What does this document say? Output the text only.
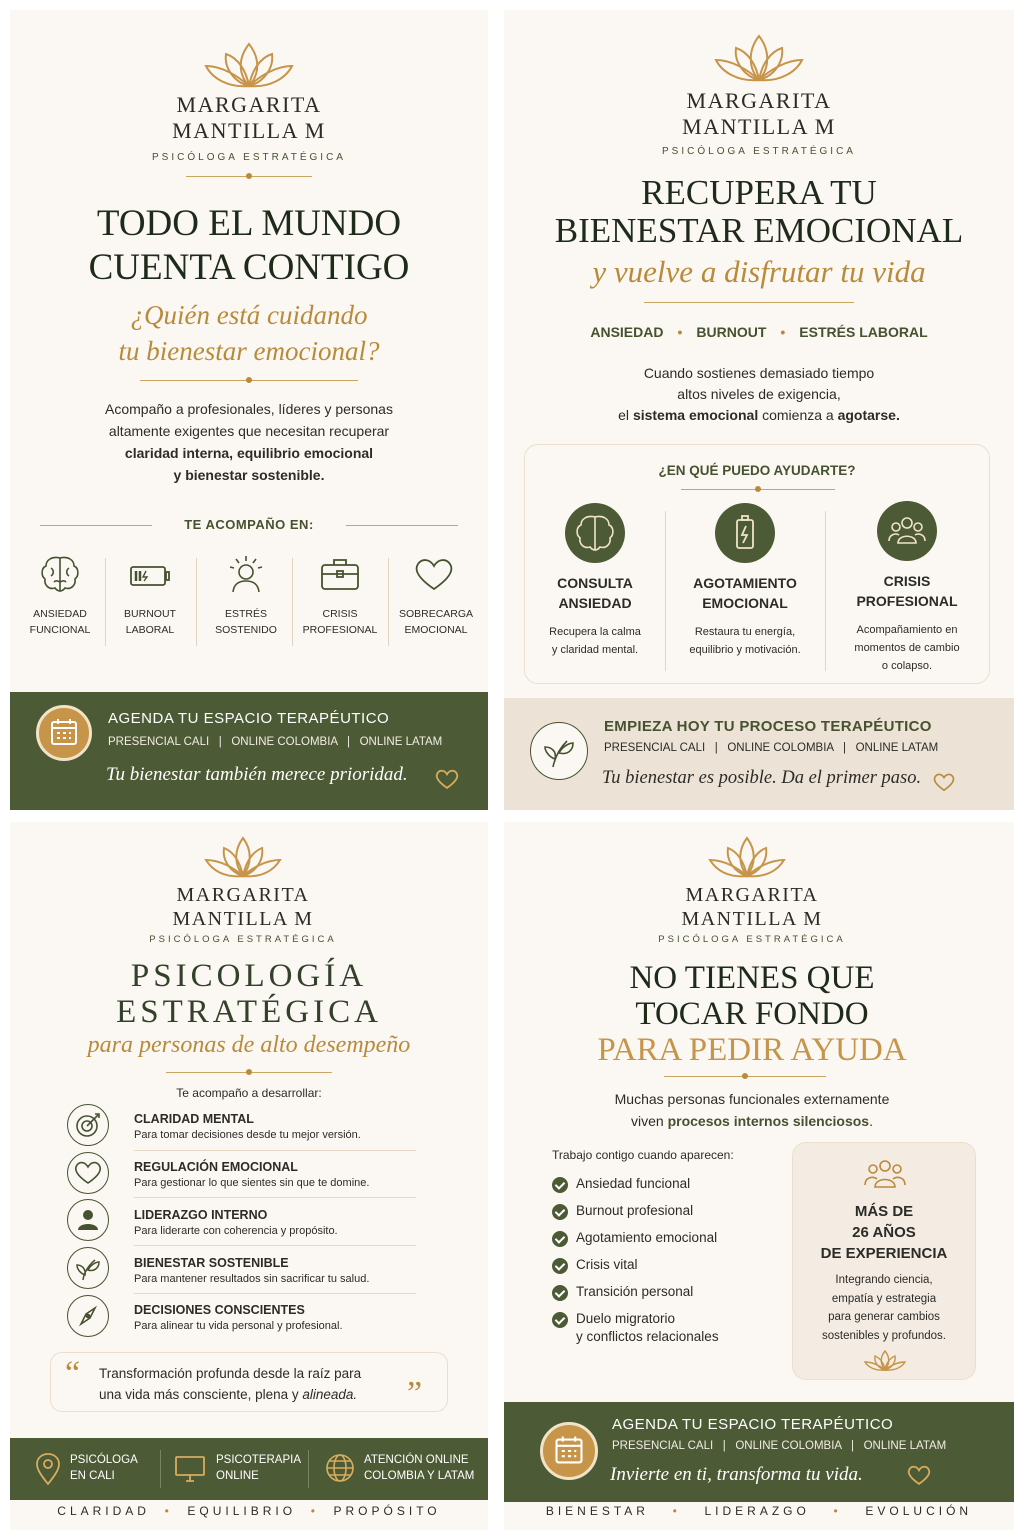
MARGARITA
MANTILLA M
PSICÓLOGA ESTRATÉGICA
TODO EL MUNDO
CUENTA CONTIGO
¿Quién está cuidando
tu bienestar emocional?
Acompaño a profesionales, líderes y personas
altamente exigentes que necesitan recuperar
claridad interna, equilibrio emocional
y bienestar sostenible.
TE ACOMPAÑO EN:
ANSIEDAD
FUNCIONAL
BURNOUT
LABORAL
ESTRÉS
SOSTENIDO
CRISIS
PROFESIONAL
SOBRECARGA
EMOCIONAL
AGENDA TU ESPACIO TERAPÉUTICO
PRESENCIAL CALI   |   ONLINE COLOMBIA   |   ONLINE LATAM
Tu bienestar también merece prioridad.
MARGARITA
MANTILLA M
PSICÓLOGA ESTRATÉGICA
RECUPERA TU
BIENESTAR EMOCIONAL
y vuelve a disfrutar tu vida
ANSIEDAD • BURNOUT • ESTRÉS LABORAL
Cuando sostienes demasiado tiempo
altos niveles de exigencia,
el sistema emocional comienza a agotarse.
¿EN QUÉ PUEDO AYUDARTE?
CONSULTA
ANSIEDAD
AGOTAMIENTO
EMOCIONAL
CRISIS
PROFESIONAL
Recupera la calma
y claridad mental.
Restaura tu energía,
equilibrio y motivación.
Acompañamiento en
momentos de cambio
o colapso.
EMPIEZA HOY TU PROCESO TERAPÉUTICO
PRESENCIAL CALI   |   ONLINE COLOMBIA   |   ONLINE LATAM
Tu bienestar es posible. Da el primer paso.
MARGARITA
MANTILLA M
PSICÓLOGA ESTRATÉGICA
PSICOLOGÍA
ESTRATÉGICA
para personas de alto desempeño
Te acompaño a desarrollar:
CLARIDAD MENTAL
Para tomar decisiones desde tu mejor versión.
REGULACIÓN EMOCIONAL
Para gestionar lo que sientes sin que te domine.
LIDERAZGO INTERNO
Para liderarte con coherencia y propósito.
BIENESTAR SOSTENIBLE
Para mantener resultados sin sacrificar tu salud.
DECISIONES CONSCIENTES
Para alinear tu vida personal y profesional.
“ Transformación profunda desde la raíz para
una vida más consciente, plena y alineada. ”
PSICÓLOGA
EN CALI
PSICOTERAPIA
ONLINE
ATENCIÓN ONLINE
COLOMBIA Y LATAM
CLARIDAD • EQUILIBRIO • PROPÓSITO
MARGARITA
MANTILLA M
PSICÓLOGA ESTRATÉGICA
NO TIENES QUE
TOCAR FONDO
PARA PEDIR AYUDA
Muchas personas funcionales externamente
viven procesos internos silenciosos.
Trabajo contigo cuando aparecen:
Ansiedad funcional
Burnout profesional
Agotamiento emocional
Crisis vital
Transición personal
Duelo migratorio
y conflictos relacionales
MÁS DE
26 AÑOS
DE EXPERIENCIA
Integrando ciencia,
empatía y estrategia
para generar cambios
sostenibles y profundos.
AGENDA TU ESPACIO TERAPÉUTICO
PRESENCIAL CALI   |   ONLINE COLOMBIA   |   ONLINE LATAM
Invierte en ti, transforma tu vida.
BIENESTAR • LIDERAZGO • EVOLUCIÓN
